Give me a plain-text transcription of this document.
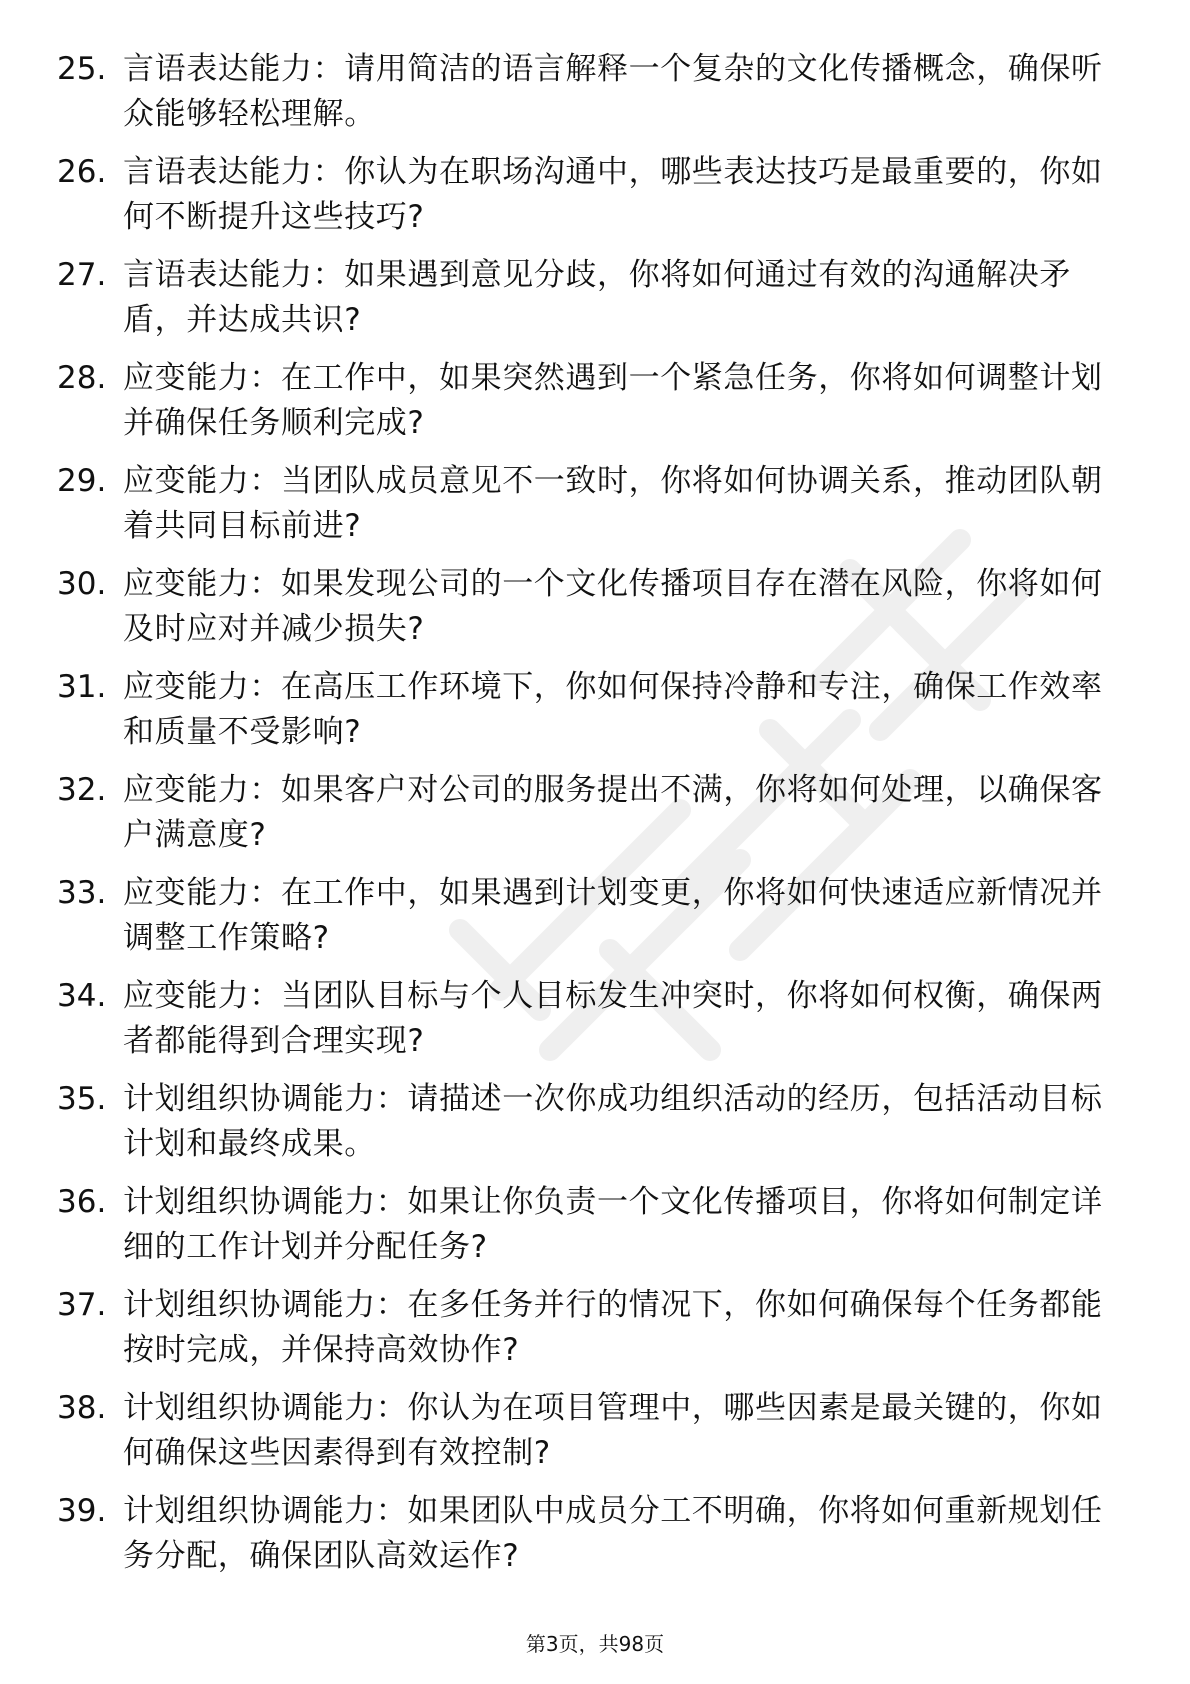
25. 言语表达能力：请用简洁的语言解释一个复杂的文化传播概念，确保听众能够轻松理解。
26. 言语表达能力：你认为在职场沟通中，哪些表达技巧是最重要的，你如何不断提升这些技巧?
27. 言语表达能力：如果遇到意见分歧，你将如何通过有效的沟通解决矛盾，并达成共识?
28. 应变能力：在工作中，如果突然遇到一个紧急任务，你将如何调整计划并确保任务顺利完成?
29. 应变能力：当团队成员意见不一致时，你将如何协调关系，推动团队朝着共同目标前进?
30. 应变能力：如果发现公司的一个文化传播项目存在潜在风险，你将如何及时应对并减少损失?
31. 应变能力：在高压工作环境下，你如何保持冷静和专注，确保工作效率和质量不受影响?
32. 应变能力：如果客户对公司的服务提出不满，你将如何处理，以确保客户满意度?
33. 应变能力：在工作中，如果遇到计划变更，你将如何快速适应新情况并调整工作策略?
34. 应变能力：当团队目标与个人目标发生冲突时，你将如何权衡，确保两者都能得到合理实现?
35. 计划组织协调能力：请描述一次你成功组织活动的经历，包括活动目标计划和最终成果。
36. 计划组织协调能力：如果让你负责一个文化传播项目，你将如何制定详细的工作计划并分配任务?
37. 计划组织协调能力：在多任务并行的情况下，你如何确保每个任务都能按时完成，并保持高效协作?
38. 计划组织协调能力：你认为在项目管理中，哪些因素是最关键的，你如何确保这些因素得到有效控制?
39. 计划组织协调能力：如果团队中成员分工不明确，你将如何重新规划任务分配，确保团队高效运作?
第3页，共98页
